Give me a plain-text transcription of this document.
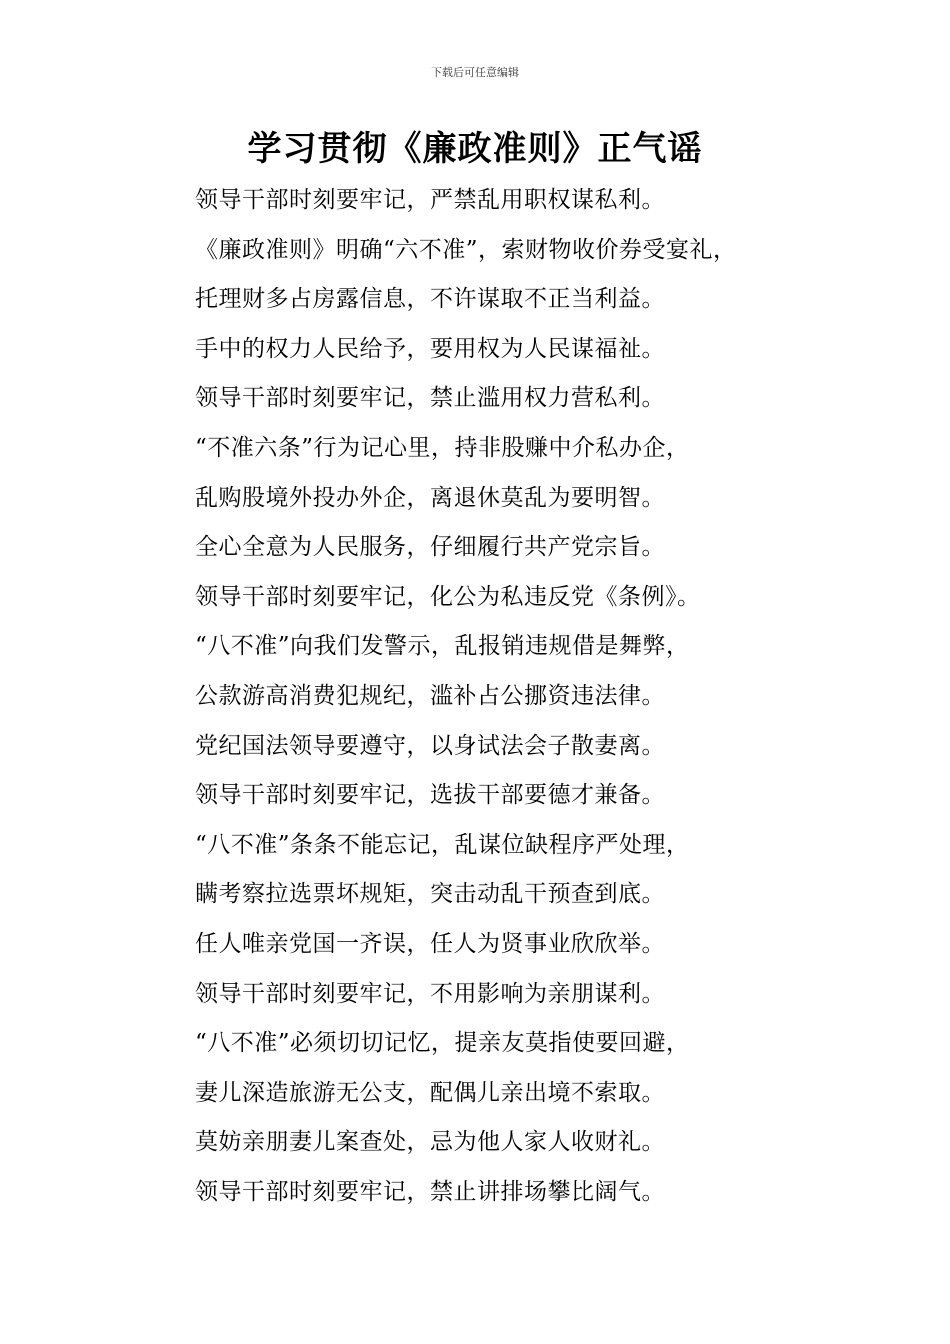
下载后可任意编辑
学习贯彻《廉政准则》正气谣
领导干部时刻要牢记，严禁乱用职权谋私利。
《廉政准则》明确“六不准”，索财物收价券受宴礼，
托理财多占房露信息，不许谋取不正当利益。
手中的权力人民给予，要用权为人民谋福祉。
领导干部时刻要牢记，禁止滥用权力营私利。
“不准六条”行为记心里，持非股赚中介私办企，
乱购股境外投办外企，离退休莫乱为要明智。
全心全意为人民服务，仔细履行共产党宗旨。
领导干部时刻要牢记，化公为私违反党《条例》。
“八不准”向我们发警示，乱报销违规借是舞弊，
公款游高消费犯规纪，滥补占公挪资违法律。
党纪国法领导要遵守，以身试法会子散妻离。
领导干部时刻要牢记，选拔干部要德才兼备。
“八不准”条条不能忘记，乱谋位缺程序严处理，
瞒考察拉选票坏规矩，突击动乱干预查到底。
任人唯亲党国一齐误，任人为贤事业欣欣举。
领导干部时刻要牢记，不用影响为亲朋谋利。
“八不准”必须切切记忆，提亲友莫指使要回避，
妻儿深造旅游无公支，配偶儿亲出境不索取。
莫妨亲朋妻儿案查处，忌为他人家人收财礼。
领导干部时刻要牢记，禁止讲排场攀比阔气。
